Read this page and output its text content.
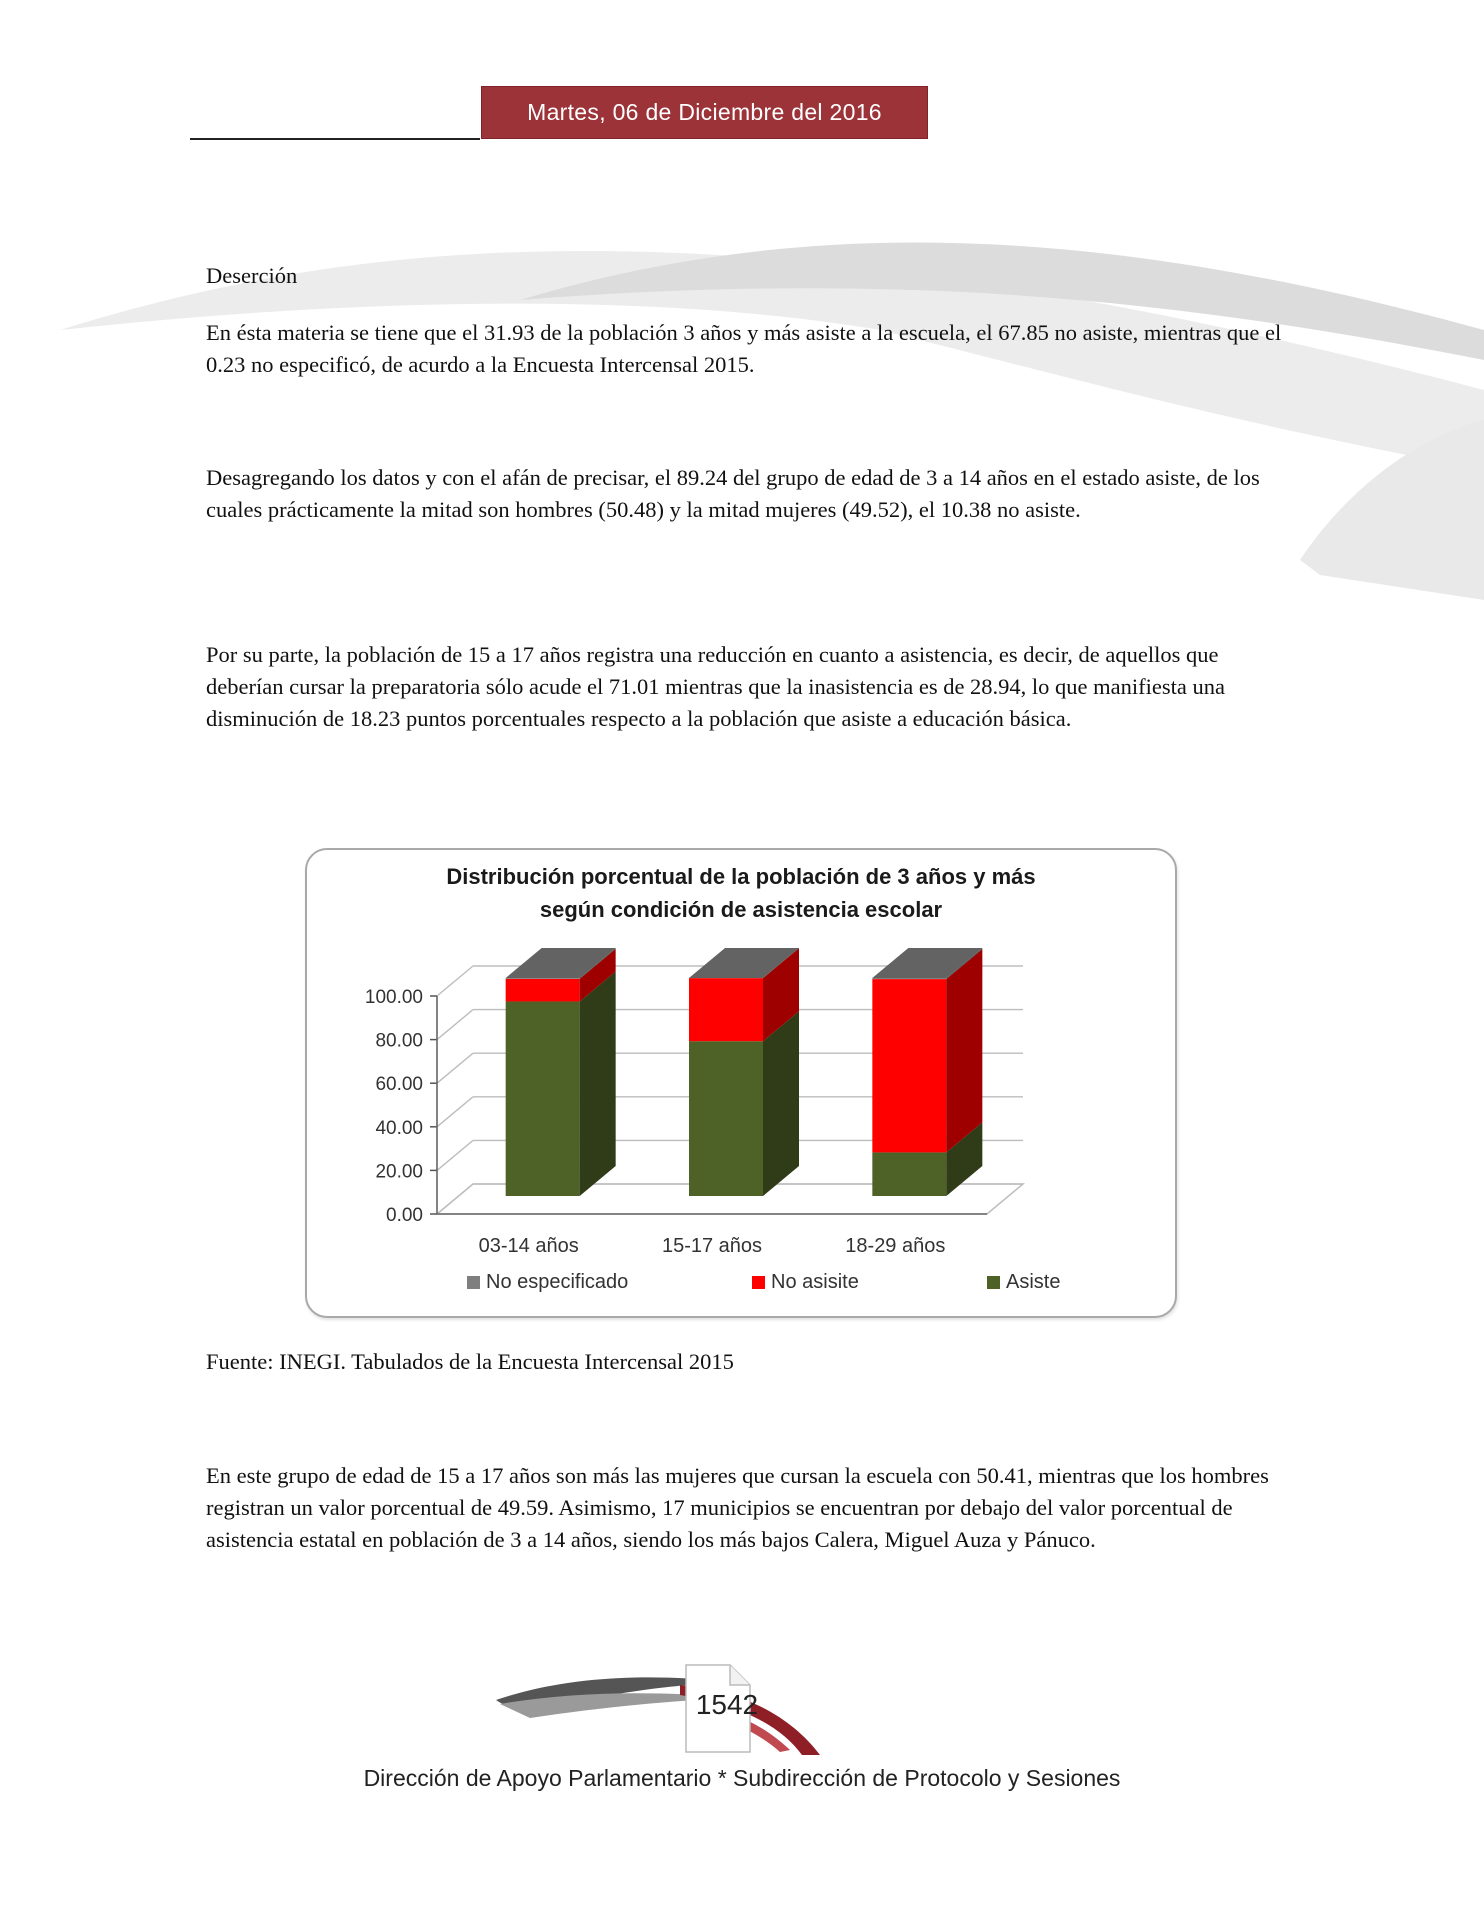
Martes, 06 de Diciembre del 2016
Deserción
En ésta materia se tiene que el 31.93 de la población 3 años y más asiste a la escuela, el 67.85 no asiste, mientras que el 0.23 no especificó, de acurdo a la Encuesta Intercensal 2015.
Desagregando los datos y con el afán de precisar, el 89.24 del grupo de edad de 3 a 14 años en el estado asiste, de los cuales prácticamente la mitad son hombres (50.48) y la mitad mujeres (49.52), el 10.38 no asiste.
Por su parte, la población de 15 a 17 años registra una reducción en cuanto a asistencia, es decir, de aquellos que deberían cursar la preparatoria sólo acude el 71.01 mientras que la inasistencia es de 28.94, lo que manifiesta una disminución de 18.23 puntos porcentuales respecto a la población que asiste a educación básica.
Distribución porcentual de la población de 3 años y más
según condición de asistencia escolar
0.00
20.00
40.00
60.00
80.00
100.00
03-14 años	15-17 años	18-29 años
No especificado	No asisite	Asiste
Fuente: INEGI. Tabulados de la Encuesta Intercensal 2015
En este grupo de edad de 15 a 17 años son más las mujeres que cursan la escuela con 50.41, mientras que los hombres registran un valor porcentual de 49.59. Asimismo, 17 municipios se encuentran por debajo del valor porcentual de asistencia estatal en población de 3 a 14 años, siendo los más bajos Calera, Miguel Auza y Pánuco.
1542
Dirección de Apoyo Parlamentario * Subdirección de Protocolo y Sesiones
